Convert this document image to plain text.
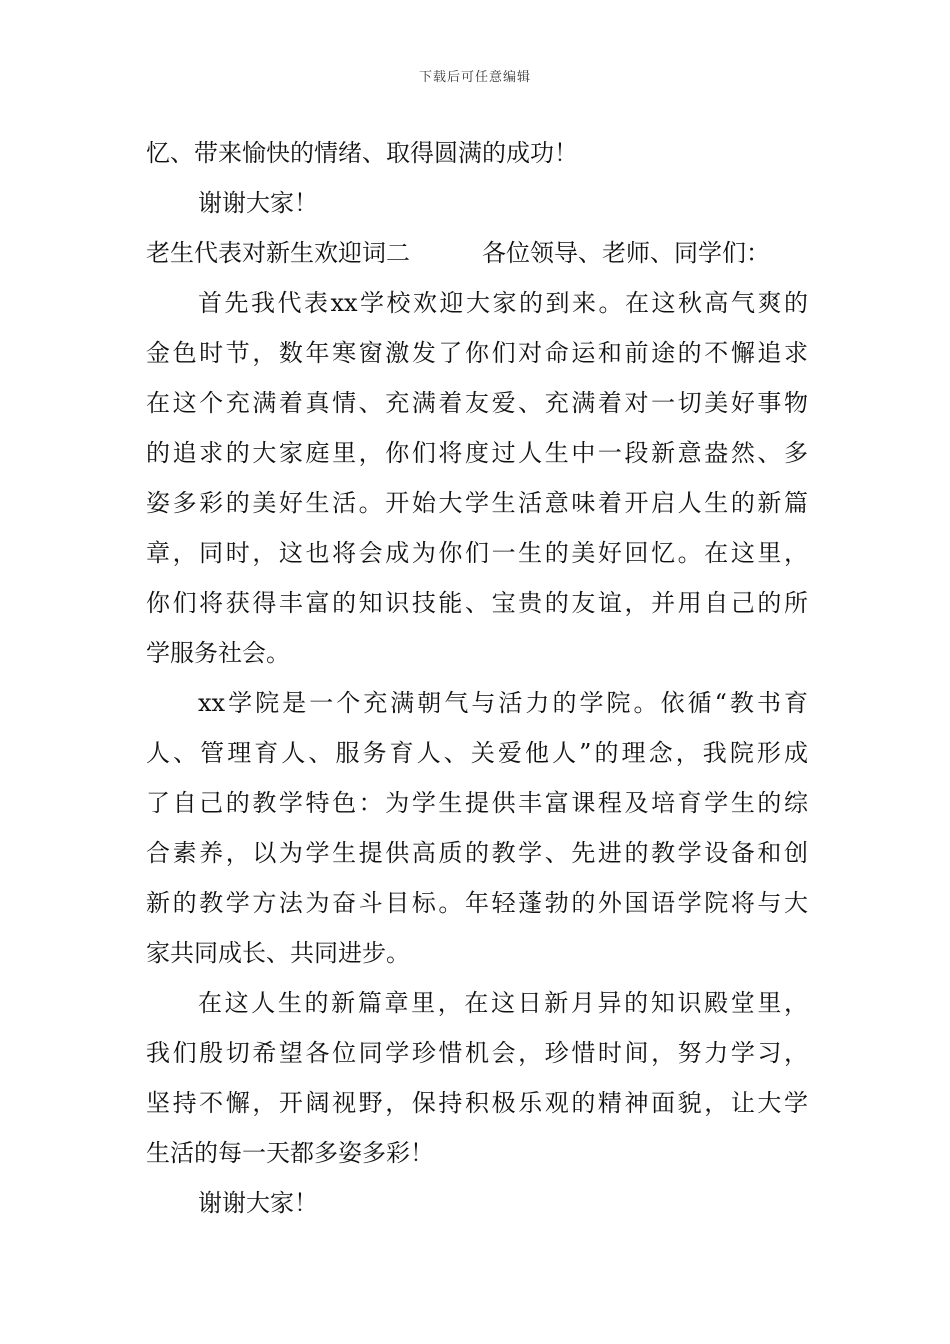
下载后可任意编辑
忆、带来愉快的情绪、取得圆满的成功！
谢谢大家！
老生代表对新生欢迎词二	各位领导、老师、同学们：
首先我代表xx学校欢迎大家的到来。在这秋高气爽的
金色时节，数年寒窗激发了你们对命运和前途的不懈追求
在这个充满着真情、充满着友爱、充满着对一切美好事物
的追求的大家庭里，你们将度过人生中一段新意盎然、多
姿多彩的美好生活。开始大学生活意味着开启人生的新篇
章，同时，这也将会成为你们一生的美好回忆。在这里，
你们将获得丰富的知识技能、宝贵的友谊，并用自己的所
学服务社会。
xx学院是一个充满朝气与活力的学院。依循“教书育
人、管理育人、服务育人、关爱他人”的理念，我院形成
了自己的教学特色：为学生提供丰富课程及培育学生的综
合素养，以为学生提供高质的教学、先进的教学设备和创
新的教学方法为奋斗目标。年轻蓬勃的外国语学院将与大
家共同成长、共同进步。
在这人生的新篇章里，在这日新月异的知识殿堂里，
我们殷切希望各位同学珍惜机会，珍惜时间，努力学习，
坚持不懈，开阔视野，保持积极乐观的精神面貌，让大学
生活的每一天都多姿多彩！
谢谢大家！
